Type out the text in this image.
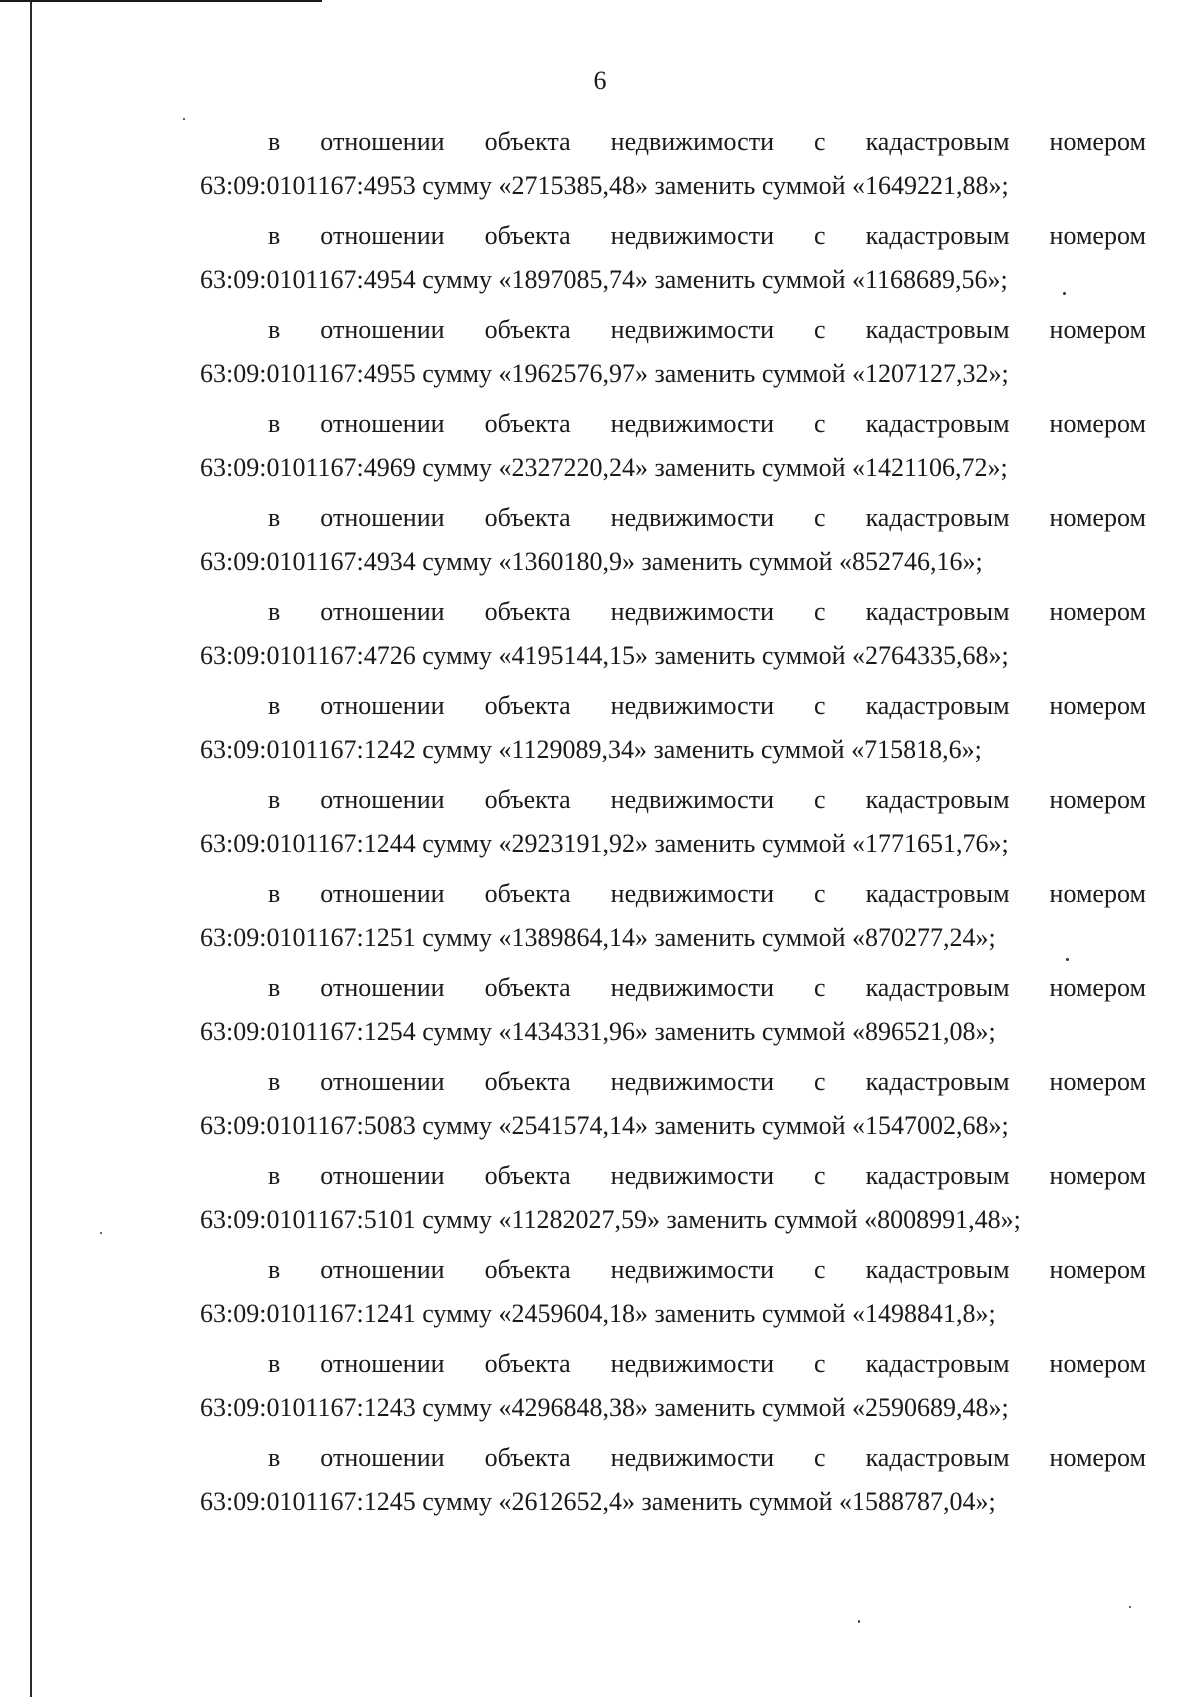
6
в отношении объекта недвижимости с кадастровым номером
63:09:0101167:4953 сумму «2715385,48» заменить суммой «1649221,88»;
в отношении объекта недвижимости с кадастровым номером
63:09:0101167:4954 сумму «1897085,74» заменить суммой «1168689,56»;
в отношении объекта недвижимости с кадастровым номером
63:09:0101167:4955 сумму «1962576,97» заменить суммой «1207127,32»;
в отношении объекта недвижимости с кадастровым номером
63:09:0101167:4969 сумму «2327220,24» заменить суммой «1421106,72»;
в отношении объекта недвижимости с кадастровым номером
63:09:0101167:4934 сумму «1360180,9» заменить суммой «852746,16»;
в отношении объекта недвижимости с кадастровым номером
63:09:0101167:4726 сумму «4195144,15» заменить суммой «2764335,68»;
в отношении объекта недвижимости с кадастровым номером
63:09:0101167:1242 сумму «1129089,34» заменить суммой «715818,6»;
в отношении объекта недвижимости с кадастровым номером
63:09:0101167:1244 сумму «2923191,92» заменить суммой «1771651,76»;
в отношении объекта недвижимости с кадастровым номером
63:09:0101167:1251 сумму «1389864,14» заменить суммой «870277,24»;
в отношении объекта недвижимости с кадастровым номером
63:09:0101167:1254 сумму «1434331,96» заменить суммой «896521,08»;
в отношении объекта недвижимости с кадастровым номером
63:09:0101167:5083 сумму «2541574,14» заменить суммой «1547002,68»;
в отношении объекта недвижимости с кадастровым номером
63:09:0101167:5101 сумму «11282027,59» заменить суммой «8008991,48»;
в отношении объекта недвижимости с кадастровым номером
63:09:0101167:1241 сумму «2459604,18» заменить суммой «1498841,8»;
в отношении объекта недвижимости с кадастровым номером
63:09:0101167:1243 сумму «4296848,38» заменить суммой «2590689,48»;
в отношении объекта недвижимости с кадастровым номером
63:09:0101167:1245 сумму «2612652,4» заменить суммой «1588787,04»;
